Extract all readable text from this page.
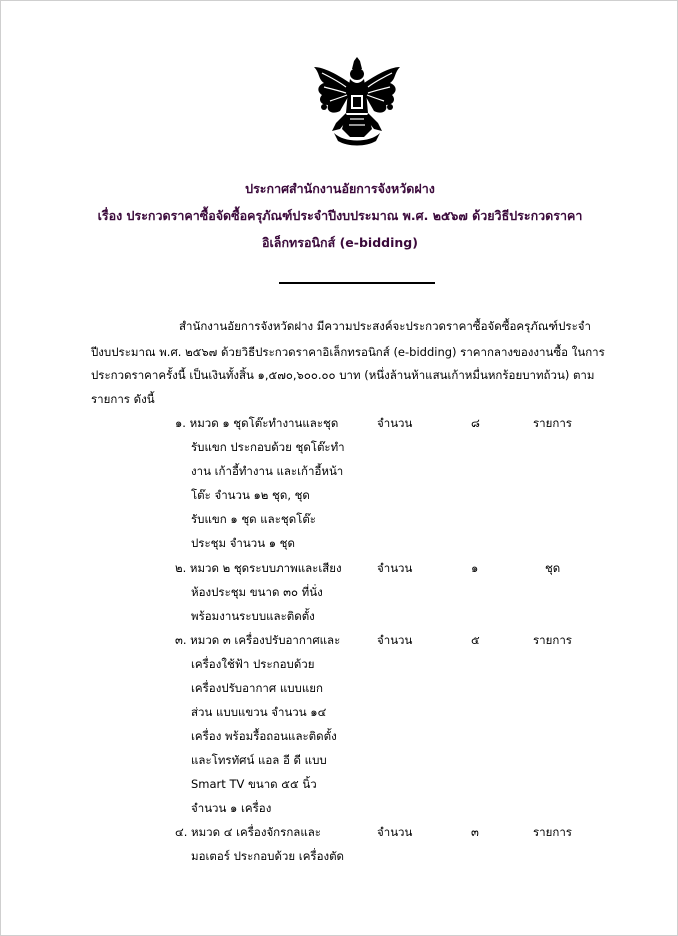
ประกาศสำนักงานอัยการจังหวัดฝาง
เรื่อง ประกวดราคาซื้อจัดซื้อครุภัณฑ์ประจำปีงบประมาณ พ.ศ. ๒๕๖๗ ด้วยวิธีประกวดราคา
อิเล็กทรอนิกส์ (e-bidding)
สำนักงานอัยการจังหวัดฝาง มีความประสงค์จะประกวดราคาซื้อจัดซื้อครุภัณฑ์ประจำ
ปีงบประมาณ พ.ศ. ๒๕๖๗ ด้วยวิธีประกวดราคาอิเล็กทรอนิกส์ (e-bidding) ราคากลางของงานซื้อ ในการ
ประกวดราคาครั้งนี้ เป็นเงินทั้งสิ้น ๑,๕๗๐,๖๐๐.๐๐ บาท (หนึ่งล้านห้าแสนเก้าหมื่นหกร้อยบาทถ้วน) ตาม
รายการ ดังนี้
๑. หมวด ๑ ชุดโต๊ะทำงานและชุด
รับแขก ประกอบด้วย ชุดโต๊ะทำ
งาน เก้าอี้ทำงาน และเก้าอี้หน้า
โต๊ะ จำนวน ๑๒ ชุด, ชุด
รับแขก ๑ ชุด และชุดโต๊ะ
ประชุม จำนวน ๑ ชุด
จำนวน	๘	รายการ
๒. หมวด ๒ ชุดระบบภาพและเสียง
ห้องประชุม ขนาด ๓๐ ที่นั่ง
พร้อมงานระบบและติดตั้ง
จำนวน	๑	ชุด
๓. หมวด ๓ เครื่องปรับอากาศและ
เครื่องใช้ฟ้า ประกอบด้วย
เครื่องปรับอากาศ แบบแยก
ส่วน แบบแขวน จำนวน ๑๔
เครื่อง พร้อมรื้อถอนและติดตั้ง
และโทรทัศน์ แอล อี ดี แบบ
Smart TV ขนาด ๕๕ นิ้ว
จำนวน ๑ เครื่อง
จำนวน	๕	รายการ
๔. หมวด ๔ เครื่องจักรกลและ
มอเตอร์ ประกอบด้วย เครื่องตัด
จำนวน	๓	รายการ
